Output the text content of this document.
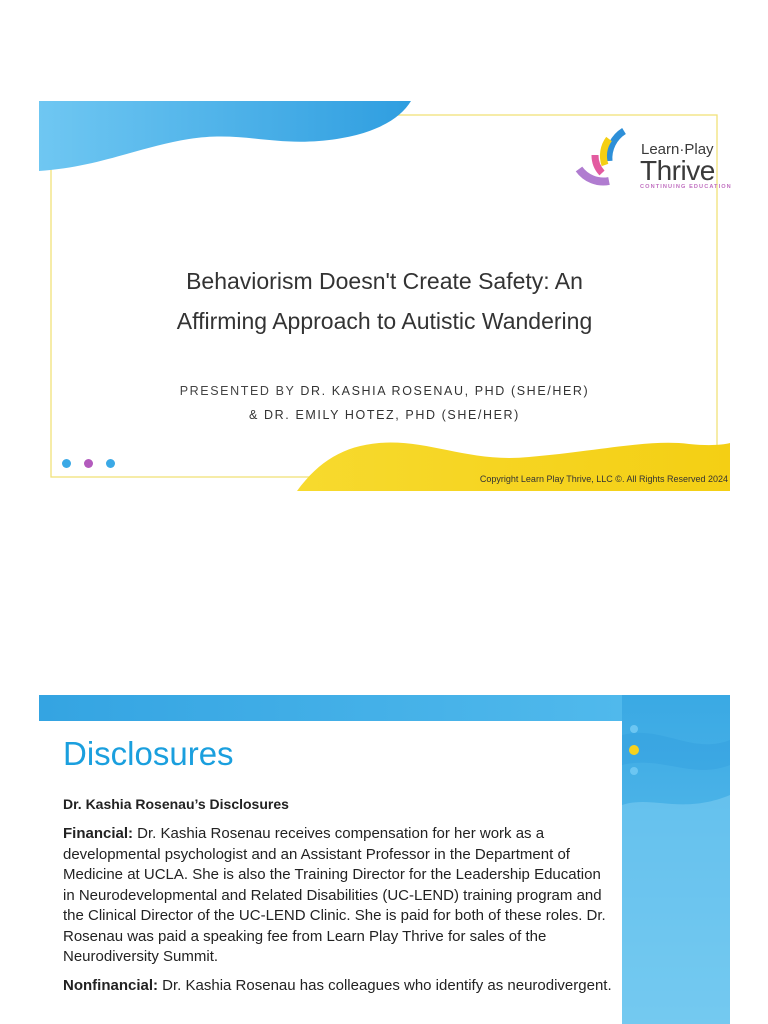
Learn·Play
Thrive
CONTINUING EDUCATION
Behaviorism Doesn't Create Safety: An
Affirming Approach to Autistic Wandering
PRESENTED BY DR. KASHIA ROSENAU, PHD (SHE/HER)
& DR. EMILY HOTEZ, PHD (SHE/HER)
Copyright Learn Play Thrive, LLC ©. All Rights Reserved 2024
Disclosures
Dr. Kashia Rosenau’s Disclosures
Financial: Dr. Kashia Rosenau receives compensation for her work as a developmental psychologist and an Assistant Professor in the Department of Medicine at UCLA. She is also the Training Director for the Leadership Education in Neurodevelopmental and Related Disabilities (UC-LEND) training program and the Clinical Director of the UC-LEND Clinic. She is paid for both of these roles. Dr. Rosenau was paid a speaking fee from Learn Play Thrive for sales of the Neurodiversity Summit.
Nonfinancial: Dr. Kashia Rosenau has colleagues who identify as neurodivergent.
